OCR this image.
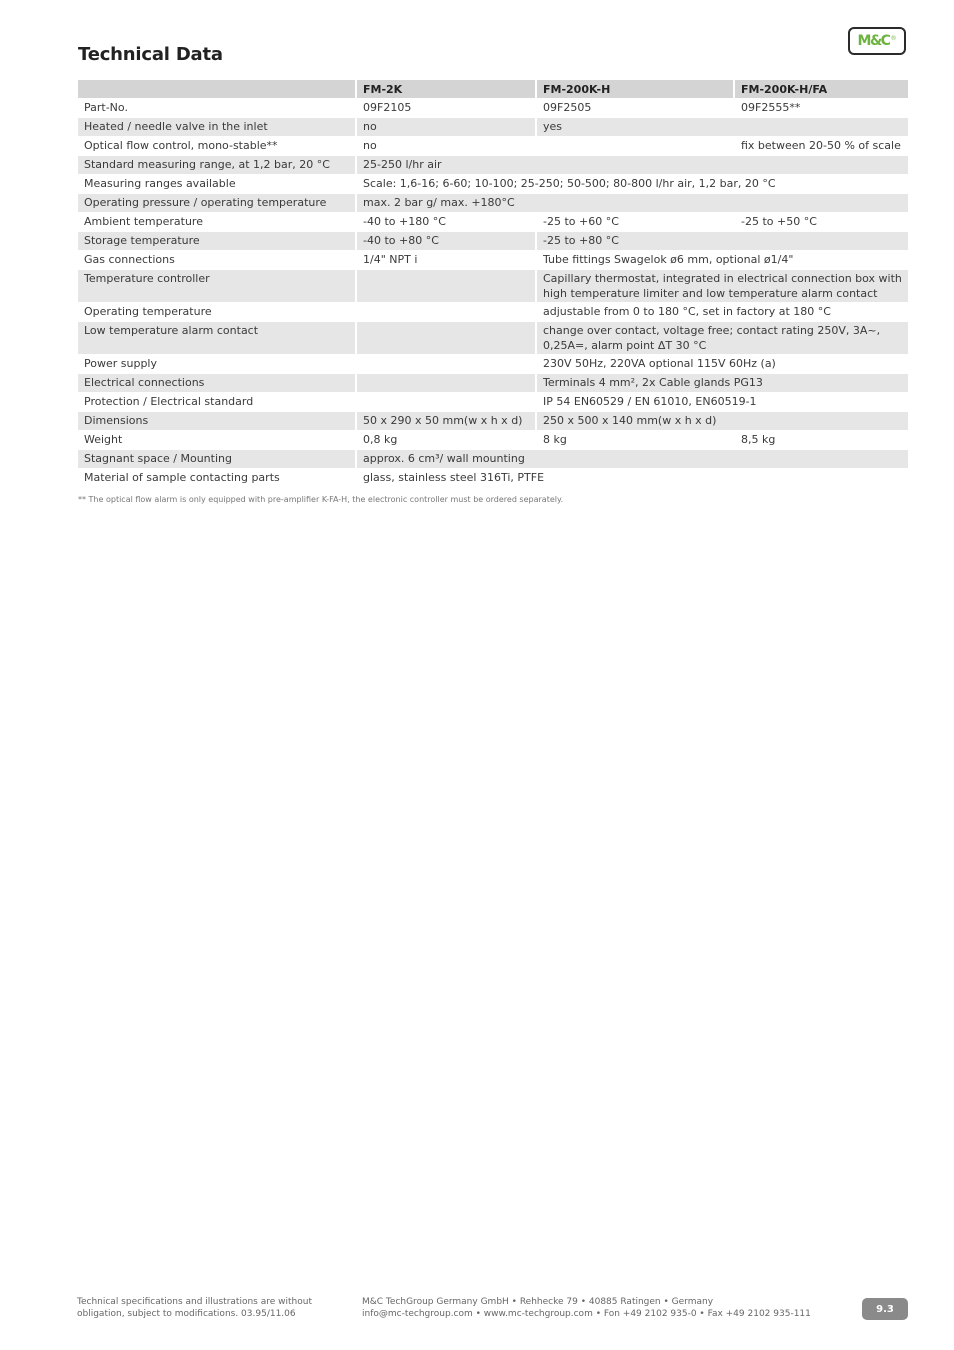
Technical Data
M&C ®
	FM-2K	FM-200K-H	FM-200K-H/FA
Part-No.	09F2105	09F2505	09F2555**
Heated / needle valve in the inlet	no	yes	
Optical flow control, mono-stable**	no		fix between 20-50 % of scale
Standard measuring range, at 1,2 bar, 20 °C	25-250 l/hr air		
Measuring ranges available	Scale: 1,6-16; 6-60; 10-100; 25-250; 50-500; 80-800 l/hr air, 1,2 bar, 20 °C		
Operating pressure / operating temperature	max. 2 bar g/ max. +180°C		
Ambient temperature	-40 to +180 °C	-25 to +60 °C	-25 to +50 °C
Storage temperature	-40 to +80 °C	-25 to +80 °C	
Gas connections	1/4" NPT i	Tube fittings Swagelok ø6 mm, optional ø1/4"	
Temperature controller		Capillary thermostat, integrated in electrical connection box with high temperature limiter and low temperature alarm contact	
Operating temperature		adjustable from 0 to 180 °C, set in factory at 180 °C	
Low temperature alarm contact		change over contact, voltage free; contact rating 250V, 3A~, 0,25A=, alarm point ΔT 30 °C	
Power supply		230V 50Hz, 220VA optional 115V 60Hz (a)	
Electrical connections		Terminals 4 mm², 2x Cable glands PG13	
Protection / Electrical standard		IP 54 EN60529 / EN 61010, EN60519-1	
Dimensions	50 x 290 x 50 mm(w x h x d)	250 x 500 x 140 mm(w x h x d)	
Weight	0,8 kg	8 kg	8,5 kg
Stagnant space / Mounting	approx. 6 cm³/ wall mounting		
Material of sample contacting parts	glass, stainless steel 316Ti, PTFE		
** The optical flow alarm is only equipped with pre-amplifier K-FA-H, the electronic controller must be ordered separately.
Technical specifications and illustrations are without
obligation, subject to modifications. 03.95/11.06
M&C TechGroup Germany GmbH • Rehhecke 79 • 40885 Ratingen • Germany
info@mc-techgroup.com • www.mc-techgroup.com • Fon +49 2102 935-0 • Fax +49 2102 935-111	9.3
